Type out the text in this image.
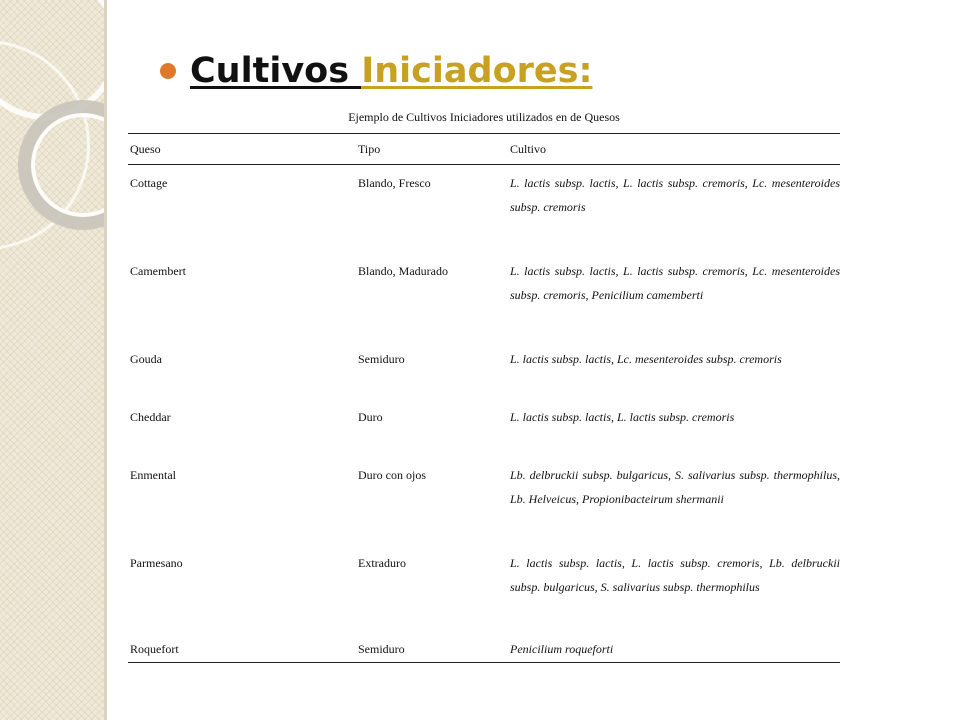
Cultivos Iniciadores:
Ejemplo de Cultivos Iniciadores utilizados en de Quesos
Queso	Tipo	Cultivo
Cottage	Blando, Fresco	L. lactis subsp. lactis, L. lactis subsp. cremoris, Lc. mesenteroides subsp. cremoris
Camembert	Blando, Madurado	L. lactis subsp. lactis, L. lactis subsp. cremoris, Lc. mesenteroides subsp. cremoris, Penicilium camemberti
Gouda	Semiduro	L. lactis subsp. lactis, Lc. mesenteroides subsp. cremoris
Cheddar	Duro	L. lactis subsp. lactis, L. lactis subsp. cremoris
Enmental	Duro con ojos	Lb. delbruckii subsp. bulgaricus, S. salivarius subsp. thermophilus, Lb. Helveicus, Propionibacteirum shermanii
Parmesano	Extraduro	L. lactis subsp. lactis, L. lactis subsp. cremoris, Lb. delbruckii subsp. bulgaricus, S. salivarius subsp. thermophilus
Roquefort	Semiduro	Penicilium roqueforti
